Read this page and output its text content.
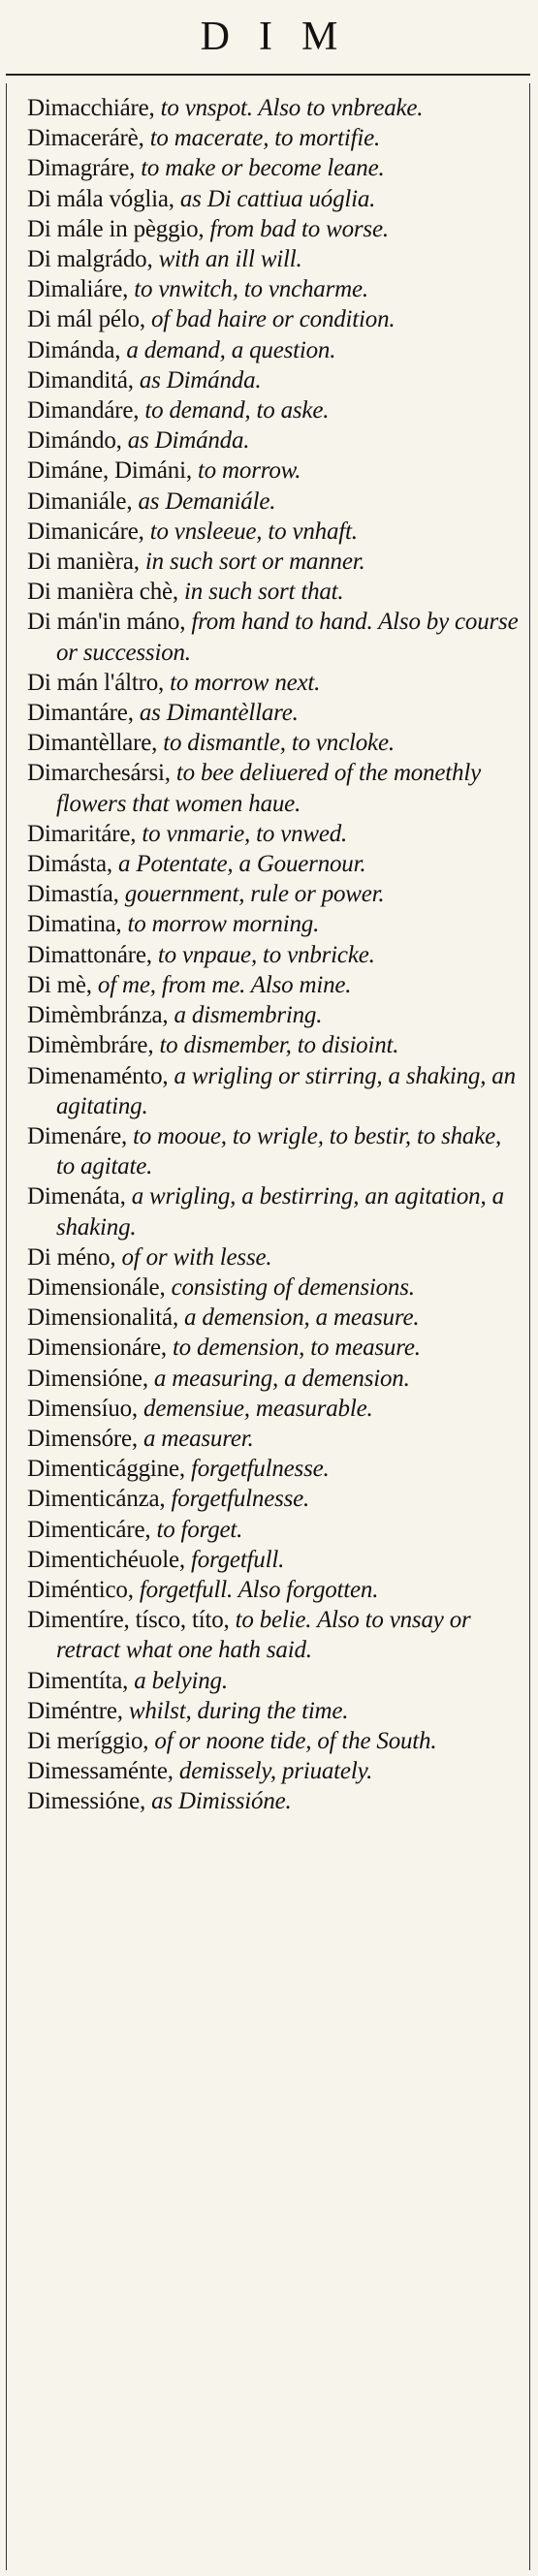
DIM

Dimacchiáre, to vnspot. Also to vnbreake.

Dimacerárè, to macerate, to mortifie.

Dimagráre, to make or become leane.

Di mála vóglia, as Di cattiua uóglia.

Di mále in pèggio, from bad to worse.

Di malgrádo, with an ill will.

Dimaliáre, to vnwitch, to vncharme.

Di mál pélo, of bad haire or condition.

Dimánda, a demand, a question.

Dimanditá, as Dimánda.

Dimandáre, to demand, to aske.

Dimándo, as Dimánda.

Dimáne, Dimáni, to morrow.

Dimaniále, as Demaniále.

Dimanicáre, to vnsleeue, to vnhaft.

Di manièra, in such sort or manner.

Di manièra chè, in such sort that.

Di mán'in máno, from hand to hand. Also by course or succession.

Di mán l'áltro, to morrow next.

Dimantáre, as Dimantèllare.

Dimantèllare, to dismantle, to vncloke.

Dimarchesársi, to bee deliuered of the monethly flowers that women haue.

Dimaritáre, to vnmarie, to vnwed.

Dimásta, a Potentate, a Gouernour.

Dimastía, gouernment, rule or power.

Dimatina, to morrow morning.

Dimattonáre, to vnpaue, to vnbricke.

Di mè, of me, from me. Also mine.

Dimèmbránza, a dismembring.

Dimèmbráre, to dismember, to disioint.

Dimenaménto, a wrigling or stirring, a shaking, an agitating.

Dimenáre, to mooue, to wrigle, to bestir, to shake, to agitate.

Dimenáta, a wrigling, a bestirring, an agitation, a shaking.

Di méno, of or with lesse.

Dimensionále, consisting of demensions.

Dimensionalitá, a demension, a measure.

Dimensionáre, to demension, to measure.

Dimensióne, a measuring, a demension.

Dimensíuo, demensiue, measurable.

Dimensóre, a measurer.

Dimenticággine, forgetfulnesse.

Dimenticánza, forgetfulnesse.

Dimenticáre, to forget.

Dimentichéuole, forgetfull.

Diméntico, forgetfull. Also forgotten.

Dimentíre, tísco, títo, to belie. Also to vnsay or retract what one hath said.

Dimentíta, a belying.

Diméntre, whilst, during the time.

Di meríggio, of or noone tide, of the South.

Dimessaménte, demissely, priuately.

Dimessióne, as Dimissióne.
